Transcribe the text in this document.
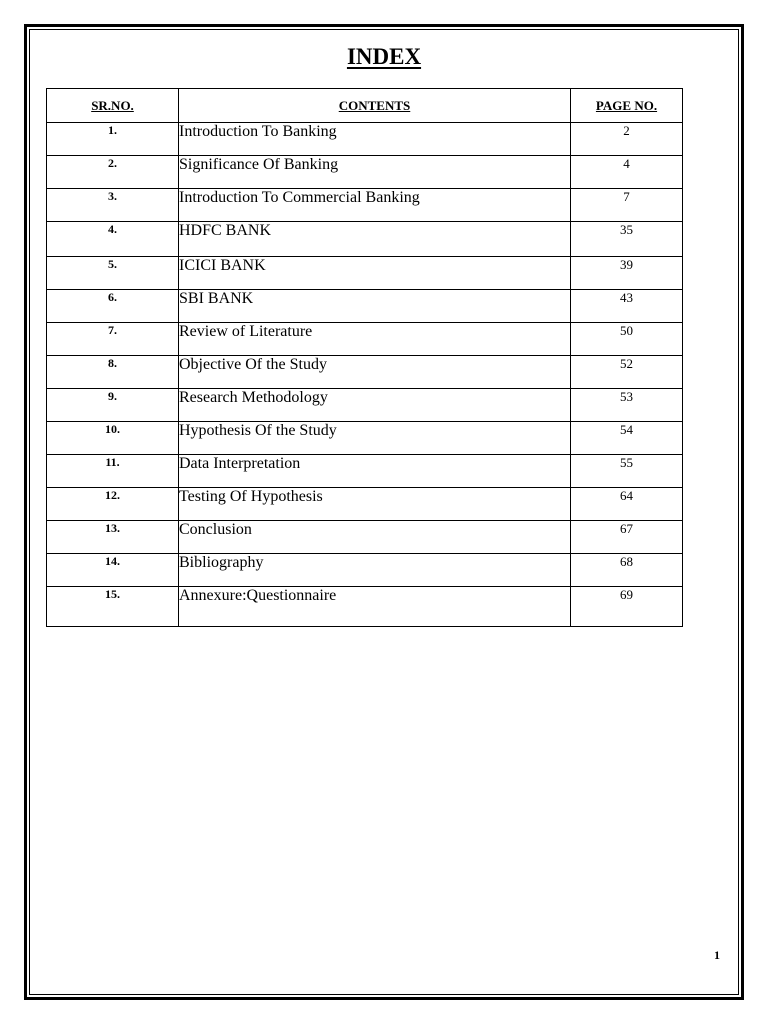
INDEX
SR.NO.	CONTENTS	PAGE NO.
1.	Introduction To Banking	2
2.	Significance Of Banking	4
3.	Introduction To Commercial Banking	7
4.	HDFC BANK	35
5.	ICICI BANK	39
6.	SBI BANK	43
7.	Review of Literature	50
8.	Objective Of the Study	52
9.	Research Methodology	53
10.	Hypothesis Of the Study	54
11.	Data Interpretation	55
12.	Testing Of Hypothesis	64
13.	Conclusion	67
14.	Bibliography	68
15.	Annexure:Questionnaire	69
1
